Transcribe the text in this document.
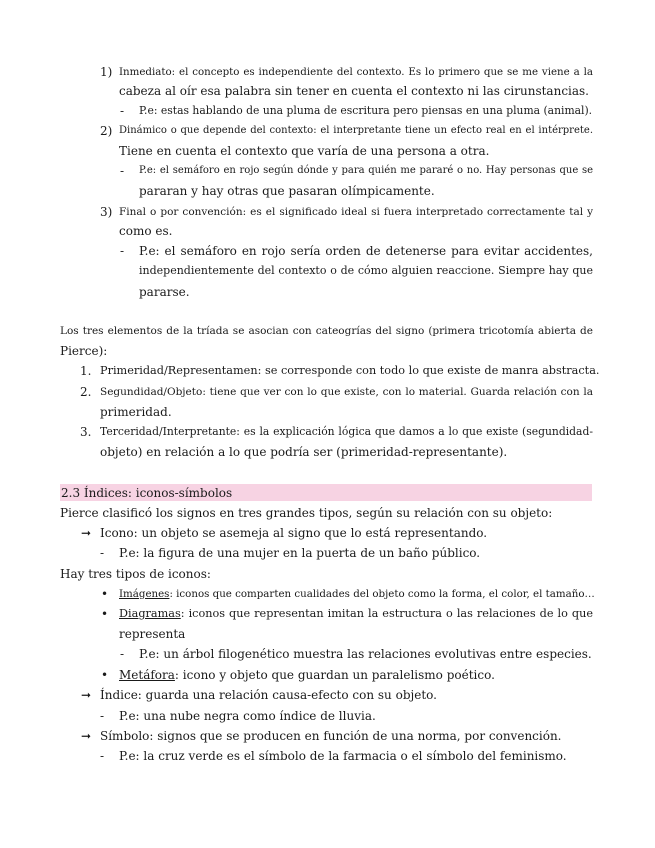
1) Inmediato: el concepto es independiente del contexto. Es lo primero que se me viene a la
cabeza al oír esa palabra sin tener en cuenta el contexto ni las cirunstancias.
- P.e: estas hablando de una pluma de escritura pero piensas en una pluma (animal).
2) Dinámico o que depende del contexto: el interpretante tiene un efecto real en el intérprete.
Tiene en cuenta el contexto que varía de una persona a otra.
- P.e: el semáforo en rojo según dónde y para quién me pararé o no. Hay personas que se
pararan y hay otras que pasaran olímpicamente.
3) Final o por convención: es el significado ideal si fuera interpretado correctamente tal y
como es.
- P.e: el semáforo en rojo sería orden de detenerse para evitar accidentes,
independientemente del contexto o de cómo alguien reaccione. Siempre hay que
pararse.
Los tres elementos de la tríada se asocian con cateogrías del signo (primera tricotomía abierta de
Pierce):
1. Primeridad/Representamen: se corresponde con todo lo que existe de manra abstracta.
2. Segundidad/Objeto: tiene que ver con lo que existe, con lo material. Guarda relación con la
primeridad.
3. Terceridad/Interpretante: es la explicación lógica que damos a lo que existe (segundidad-
objeto) en relación a lo que podría ser (primeridad-representante).
2.3 Índices: iconos-símbolos
Pierce clasificó los signos en tres grandes tipos, según su relación con su objeto:
➞ Icono: un objeto se asemeja al signo que lo está representando.
- P.e: la figura de una mujer en la puerta de un baño público.
Hay tres tipos de iconos:
• Imágenes: iconos que comparten cualidades del objeto como la forma, el color, el tamaño…
• Diagramas: iconos que representan imitan la estructura o las relaciones de lo que
representa
- P.e: un árbol filogenético muestra las relaciones evolutivas entre especies.
• Metáfora: icono y objeto que guardan un paralelismo poético.
➞ Índice: guarda una relación causa-efecto con su objeto.
- P.e: una nube negra como índice de lluvia.
➞ Símbolo: signos que se producen en función de una norma, por convención.
- P.e: la cruz verde es el símbolo de la farmacia o el símbolo del feminismo.
